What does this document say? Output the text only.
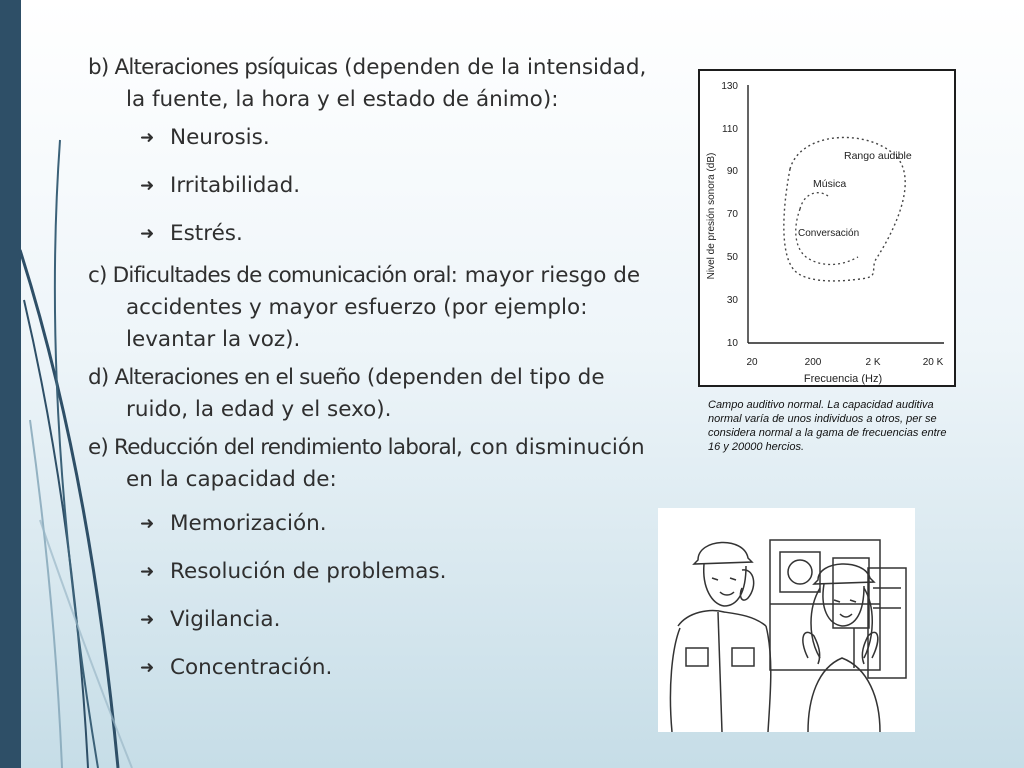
b) Alteraciones psíquicas (dependen de la intensidad, la fuente, la hora y el estado de ánimo):

➜ Neurosis.
➜ Irritabilidad.
➜ Estrés.

c) Dificultades de comunicación oral: mayor riesgo de accidentes y mayor esfuerzo (por ejemplo: levantar la voz).

d) Alteraciones en el sueño (dependen del tipo de ruido, la edad y el sexo).

e) Reducción del rendimiento laboral, con disminución en la capacidad de:

➜ Memorización.
➜ Resolución de problemas.
➜ Vigilancia.
➜ Concentración.
130
110
90
70
50
30
10
20	200	2 K	20 K
Frecuencia (Hz)
Nivel de presión sonora (dB)	Rango audible
Música
Conversación
Campo auditivo normal. La capacidad auditiva normal varía de unos individuos a otros, per se considera normal a la gama de frecuencias entre 16 y 20000 hercios.
